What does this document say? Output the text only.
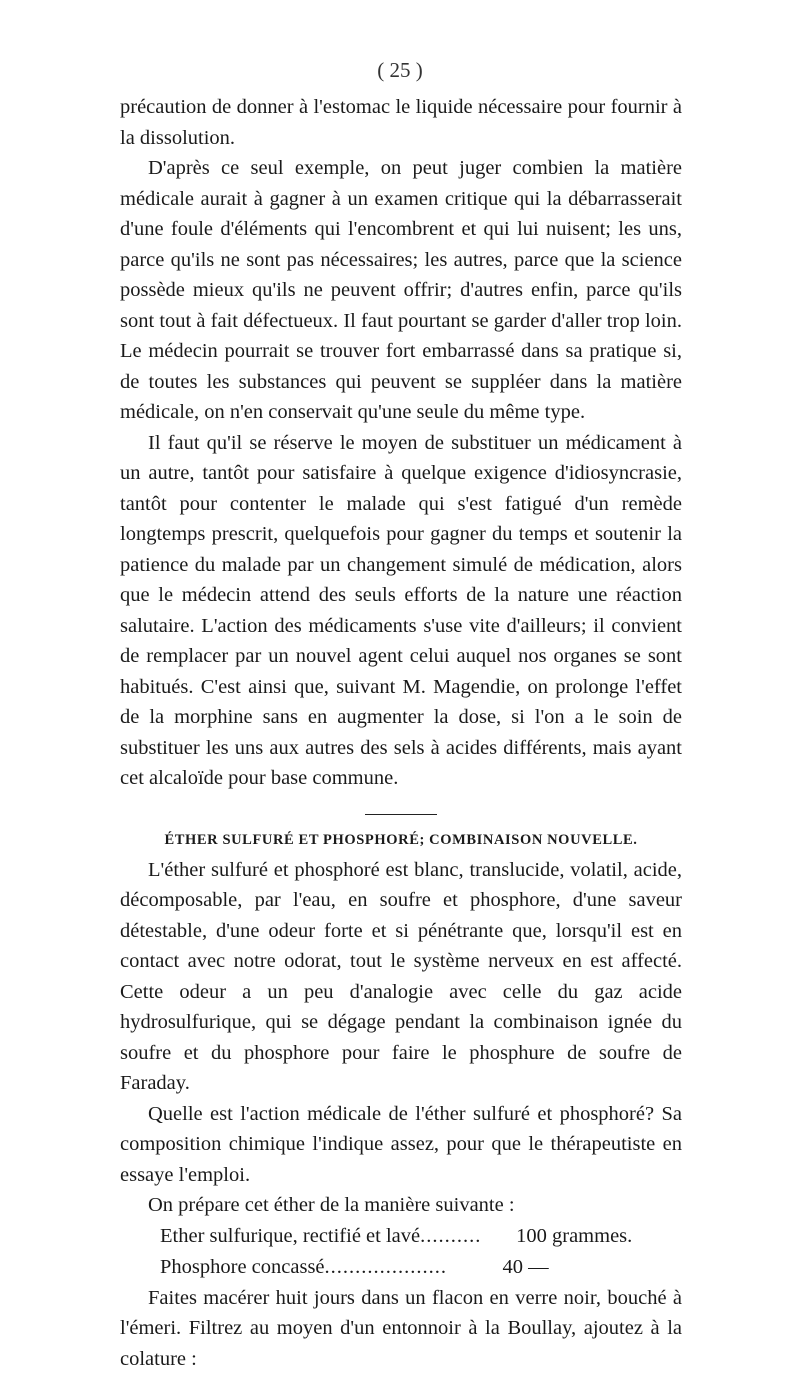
( 25 )

précaution de donner à l'estomac le liquide nécessaire pour fournir à la dissolution.

D'après ce seul exemple, on peut juger combien la matière médicale aurait à gagner à un examen critique qui la débarrasserait d'une foule d'éléments qui l'encombrent et qui lui nuisent; les uns, parce qu'ils ne sont pas nécessaires; les autres, parce que la science possède mieux qu'ils ne peuvent offrir; d'autres enfin, parce qu'ils sont tout à fait défectueux. Il faut pourtant se garder d'aller trop loin. Le médecin pourrait se trouver fort embarrassé dans sa pratique si, de toutes les substances qui peuvent se suppléer dans la matière médicale, on n'en conservait qu'une seule du même type.

Il faut qu'il se réserve le moyen de substituer un médicament à un autre, tantôt pour satisfaire à quelque exigence d'idiosyncrasie, tantôt pour contenter le malade qui s'est fatigué d'un remède longtemps prescrit, quelquefois pour gagner du temps et soutenir la patience du malade par un changement simulé de médication, alors que le médecin attend des seuls efforts de la nature une réaction salutaire. L'action des médicaments s'use vite d'ailleurs; il convient de remplacer par un nouvel agent celui auquel nos organes se sont habitués. C'est ainsi que, suivant M. Magendie, on prolonge l'effet de la morphine sans en augmenter la dose, si l'on a le soin de substituer les uns aux autres des sels à acides différents, mais ayant cet alcaloïde pour base commune.

ÉTHER SULFURÉ ET PHOSPHORÉ; COMBINAISON NOUVELLE.

L'éther sulfuré et phosphoré est blanc, translucide, volatil, acide, décomposable, par l'eau, en soufre et phosphore, d'une saveur détestable, d'une odeur forte et si pénétrante que, lorsqu'il est en contact avec notre odorat, tout le système nerveux en est affecté. Cette odeur a un peu d'analogie avec celle du gaz acide hydrosulfurique, qui se dégage pendant la combinaison ignée du soufre et du phosphore pour faire le phosphure de soufre de Faraday.

Quelle est l'action médicale de l'éther sulfuré et phosphoré? Sa composition chimique l'indique assez, pour que le thérapeutiste en essaye l'emploi.

On prépare cet éther de la manière suivante :

Ether sulfurique, rectifié et lavé ..........	100 grammes.
Phosphore concassé ....................	40 —

Faites macérer huit jours dans un flacon en verre noir, bouché à l'émeri. Filtrez au moyen d'un entonnoir à la Boullay, ajoutez à la colature :
